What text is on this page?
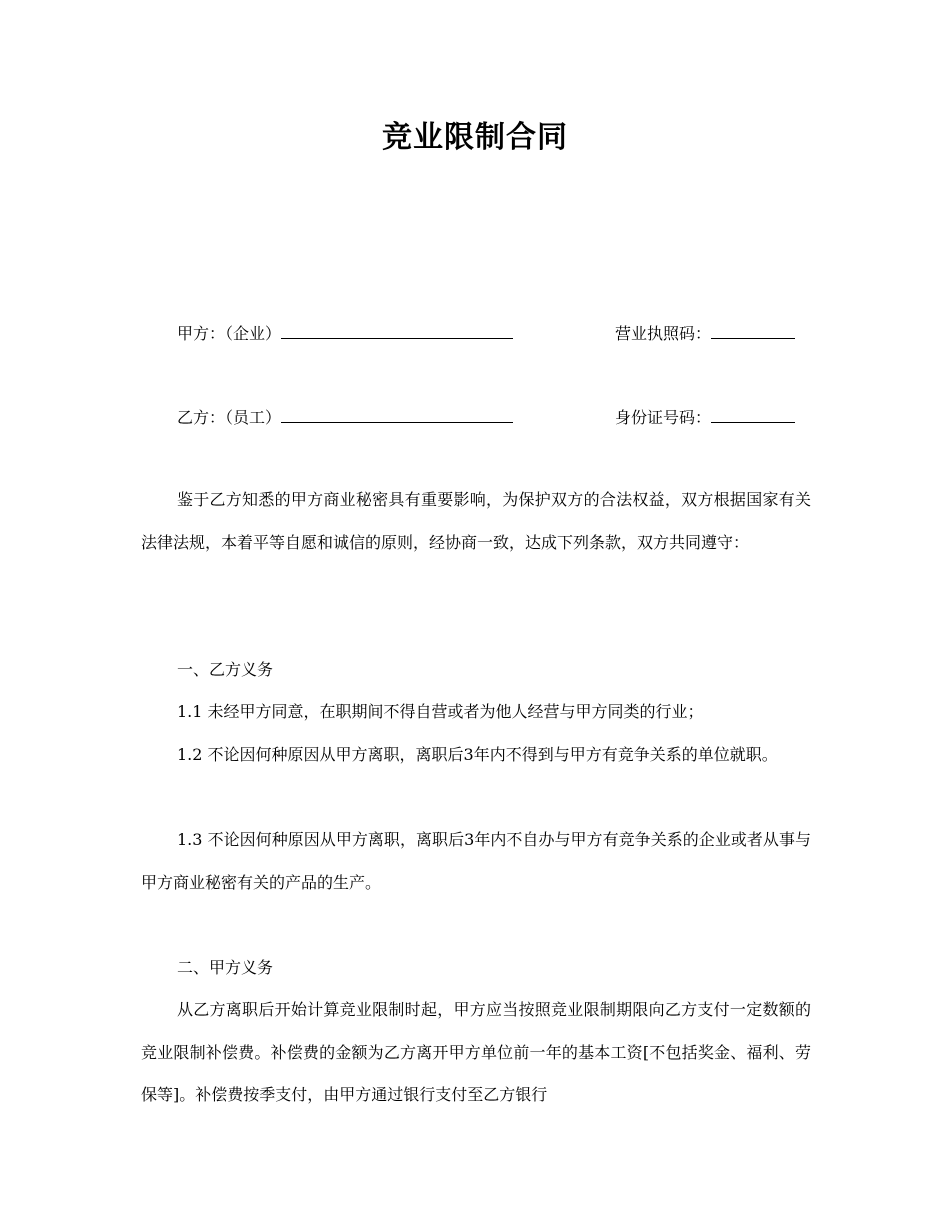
竞业限制合同
甲方：（企业）	营业执照码：
乙方：（员工）	身份证号码：

鉴于乙方知悉的甲方商业秘密具有重要影响，为保护双方的合法权益，双方根据国家有关法律法规，本着平等自愿和诚信的原则，经协商一致，达成下列条款，双方共同遵守：

一、乙方义务

1.1 未经甲方同意，在职期间不得自营或者为他人经营与甲方同类的行业；

1.2 不论因何种原因从甲方离职，离职后3年内不得到与甲方有竞争关系的单位就职。

1.3 不论因何种原因从甲方离职，离职后3年内不自办与甲方有竞争关系的企业或者从事与甲方商业秘密有关的产品的生产。

二、甲方义务

从乙方离职后开始计算竞业限制时起，甲方应当按照竞业限制期限向乙方支付一定数额的竞业限制补偿费。补偿费的金额为乙方离开甲方单位前一年的基本工资[不包括奖金、福利、劳保等]。补偿费按季支付，由甲方通过银行支付至乙方银行
